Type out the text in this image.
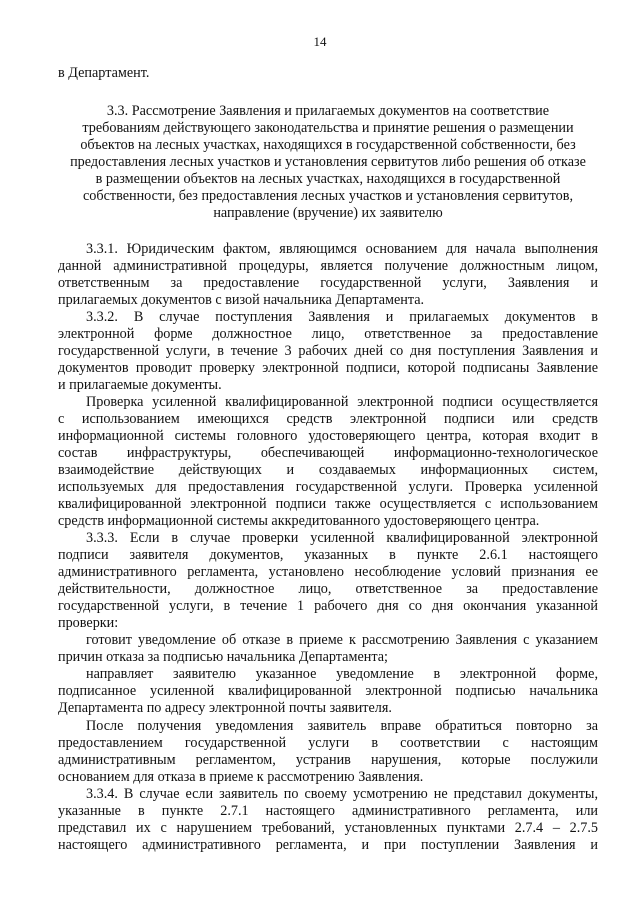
14
в Департамент.
3.3. Рассмотрение Заявления и прилагаемых документов на соответствие
требованиям действующего законодательства и принятие решения о размещении
объектов на лесных участках, находящихся в государственной собственности, без
предоставления лесных участков и установления сервитутов либо решения об отказе
в размещении объектов на лесных участках, находящихся в государственной
собственности, без предоставления лесных участков и установления сервитутов,
направление (вручение) их заявителю
3.3.1. Юридическим фактом, являющимся основанием для начала выполнения
данной административной процедуры, является получение должностным лицом,
ответственным за предоставление государственной услуги, Заявления и
прилагаемых документов с визой начальника Департамента.
3.3.2. В случае поступления Заявления и прилагаемых документов в
электронной форме должностное лицо, ответственное за предоставление
государственной услуги, в течение 3 рабочих дней со дня поступления Заявления и
документов проводит проверку электронной подписи, которой подписаны Заявление
и прилагаемые документы.
Проверка усиленной квалифицированной электронной подписи осуществляется
с использованием имеющихся средств электронной подписи или средств
информационной системы головного удостоверяющего центра, которая входит в
состав инфраструктуры, обеспечивающей информационно-технологическое
взаимодействие действующих и создаваемых информационных систем,
используемых для предоставления государственной услуги. Проверка усиленной
квалифицированной электронной подписи также осуществляется с использованием
средств информационной системы аккредитованного удостоверяющего центра.
3.3.3. Если в случае проверки усиленной квалифицированной электронной
подписи заявителя документов, указанных в пункте 2.6.1 настоящего
административного регламента, установлено несоблюдение условий признания ее
действительности, должностное лицо, ответственное за предоставление
государственной услуги, в течение 1 рабочего дня со дня окончания указанной
проверки:
готовит уведомление об отказе в приеме к рассмотрению Заявления с указанием
причин отказа за подписью начальника Департамента;
направляет заявителю указанное уведомление в электронной форме,
подписанное усиленной квалифицированной электронной подписью начальника
Департамента по адресу электронной почты заявителя.
После получения уведомления заявитель вправе обратиться повторно за
предоставлением государственной услуги в соответствии с настоящим
административным регламентом, устранив нарушения, которые послужили
основанием для отказа в приеме к рассмотрению Заявления.
3.3.4. В случае если заявитель по своему усмотрению не представил документы,
указанные в пункте 2.7.1 настоящего административного регламента, или
представил их с нарушением требований, установленных пунктами 2.7.4 – 2.7.5
настоящего административного регламента, и при поступлении Заявления и
